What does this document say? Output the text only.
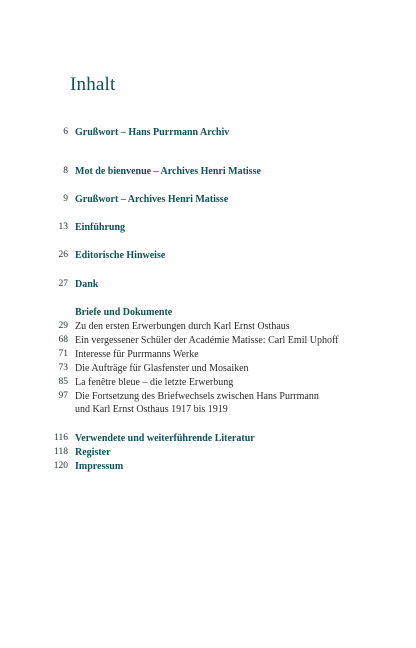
Inhalt
6 Grußwort – Hans Purrmann Archiv
8 Mot de bienvenue – Archives Henri Matisse
9 Grußwort – Archives Henri Matisse
13 Einführung
26 Editorische Hinweise
27 Dank
Briefe und Dokumente
29 Zu den ersten Erwerbungen durch Karl Ernst Osthaus
68 Ein vergessener Schüler der Académie Matisse: Carl Emil Uphoff
71 Interesse für Purrmanns Werke
73 Die Aufträge für Glasfenster und Mosaiken
85 La fenêtre bleue – die letzte Erwerbung
97 Die Fortsetzung des Briefwechsels zwischen Hans Purrmann
und Karl Ernst Osthaus 1917 bis 1919
116 Verwendete und weiterführende Literatur
118 Register
120 Impressum
